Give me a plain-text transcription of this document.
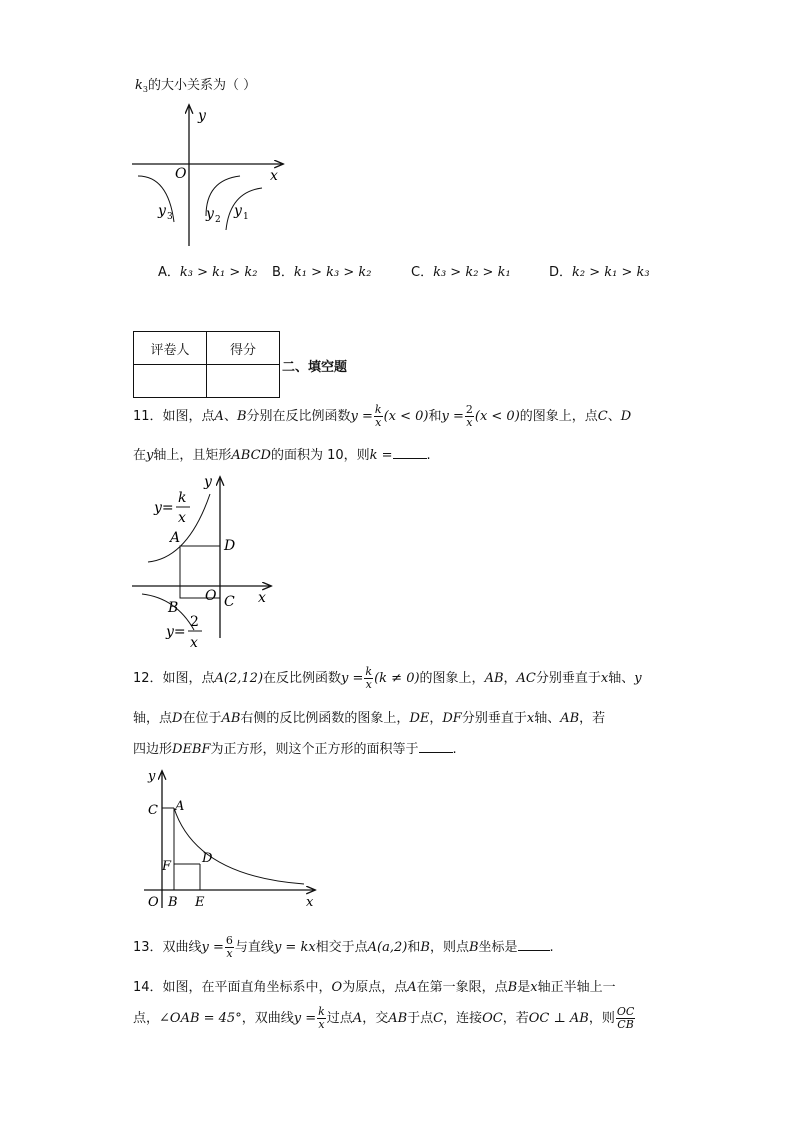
$k_3$的大小关系为（ ）
y
x
O
y 3 y 2
y 1
A．k₃ > k₁ > k₂ B．k₁ > k₃ > k₂	C．k₃ > k₂ > k₁	D．k₂ > k₁ > k₃
评卷人	得分

二、填空题
11．如图，点A、B分别在反比例函数$y = \frac{k}{x} (x < 0)$和$y = \frac{2}{x} (x < 0)$的图象上，点C、D
在y轴上，且矩形ABCD的面积为 10，则k =	.
y
x
O
A	D
B	C
y=
k
x
y=
2
x
12．如图，点A(2,12)在反比例函数$y = \frac{k}{x} (k \ne 0)$的图象上，AB，AC分别垂直于x轴、y
轴，点D在位于AB右侧的反比例函数的图象上，DE，DF分别垂直于x轴、AB，若
四边形DEBF为正方形，则这个正方形的面积等于	.
y
x
O
C A
F
D
B E
13．双曲线$y = \frac{6}{x}$ 与直线y = kx相交于点A(a,2)和B，则点B坐标是 .
14．如图，在平面直角坐标系中，O为原点，点A在第一象限，点B是x轴正半轴上一
点，∠OAB = 45°，双曲线$y = \frac{k}{x}$ 过点A，交AB于点C，连接OC，若OC ⊥ AB，则 $\frac{OC}{CB}$
